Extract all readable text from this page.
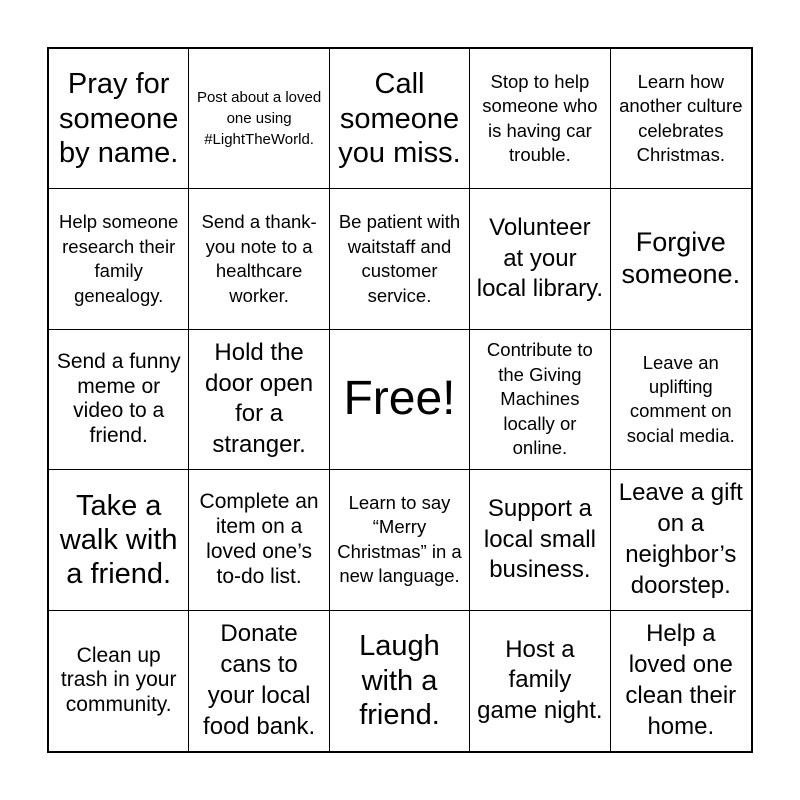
Pray for someone by name.
Post about a loved one using #LightTheWorld.
Call someone you miss.
Stop to help someone who is having car trouble.
Learn how another culture celebrates Christmas.
Help someone research their family genealogy.
Send a thank-you note to a healthcare worker.
Be patient with waitstaff and customer service.
Volunteer at your local library.
Forgive someone.
Send a funny meme or video to a friend.
Hold the door open for a stranger.
Free!
Contribute to the Giving Machines locally or online.
Leave an uplifting comment on social media.
Take a walk with a friend.
Complete an item on a loved one’s to-do list.
Learn to say “Merry Christmas” in a new language.
Support a local small business.
Leave a gift on a neighbor’s doorstep.
Clean up trash in your community.
Donate cans to your local food bank.
Laugh with a friend.
Host a family game night.
Help a loved one clean their home.
